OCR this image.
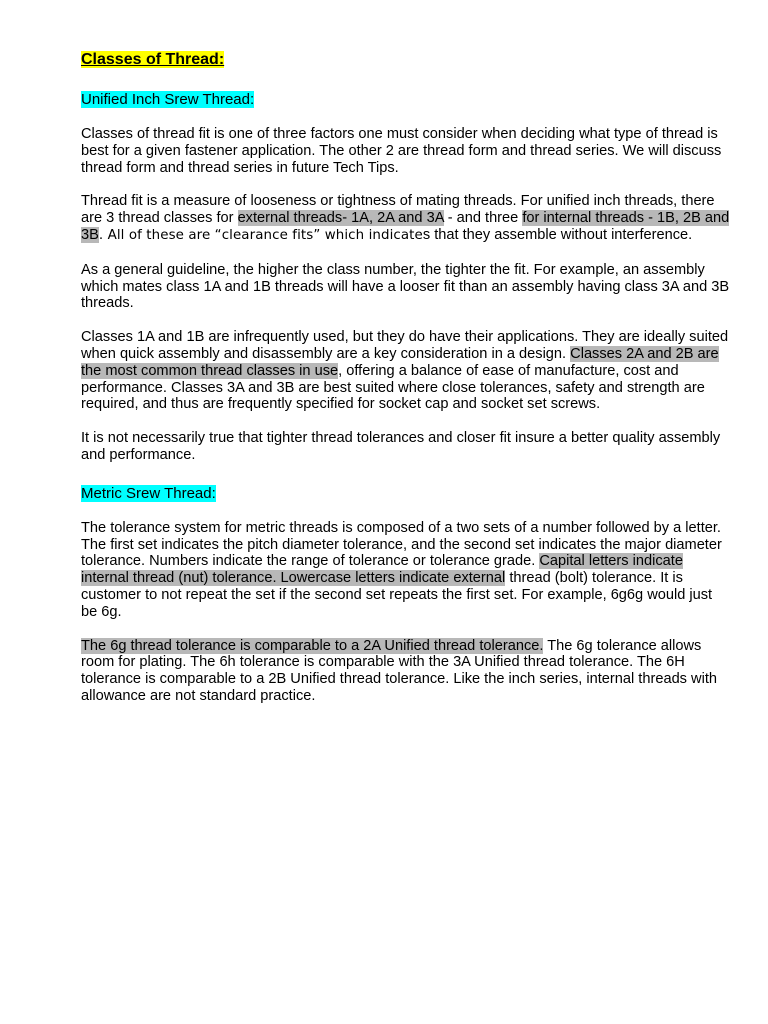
Classes of Thread:
Unified Inch Srew Thread:

Classes of thread fit is one of three factors one must consider when deciding what type of thread is best for a given fastener application. The other 2 are thread form and thread series. We will discuss thread form and thread series in future Tech Tips.

Thread fit is a measure of looseness or tightness of mating threads. For unified inch threads, there are 3 thread classes for external threads- 1A, 2A and 3A - and three for internal threads - 1B, 2B and 3B. All of these are “clearance fits” which indicates that they assemble without interference.

As a general guideline, the higher the class number, the tighter the fit. For example, an assembly which mates class 1A and 1B threads will have a looser fit than an assembly having class 3A and 3B threads.

Classes 1A and 1B are infrequently used, but they do have their applications. They are ideally suited when quick assembly and disassembly are a key consideration in a design. Classes 2A and 2B are the most common thread classes in use, offering a balance of ease of manufacture, cost and performance. Classes 3A and 3B are best suited where close tolerances, safety and strength are required, and thus are frequently specified for socket cap and socket set screws.

It is not necessarily true that tighter thread tolerances and closer fit insure a better quality assembly and performance.

Metric Srew Thread:

The tolerance system for metric threads is composed of a two sets of a number followed by a letter. The first set indicates the pitch diameter tolerance, and the second set indicates the major diameter tolerance. Numbers indicate the range of tolerance or tolerance grade. Capital letters indicate internal thread (nut) tolerance. Lowercase letters indicate external thread (bolt) tolerance. It is customer to not repeat the set if the second set repeats the first set. For example, 6g6g would just be 6g.

The 6g thread tolerance is comparable to a 2A Unified thread tolerance. The 6g tolerance allows room for plating. The 6h tolerance is comparable with the 3A Unified thread tolerance. The 6H tolerance is comparable to a 2B Unified thread tolerance. Like the inch series, internal threads with allowance are not standard practice.
